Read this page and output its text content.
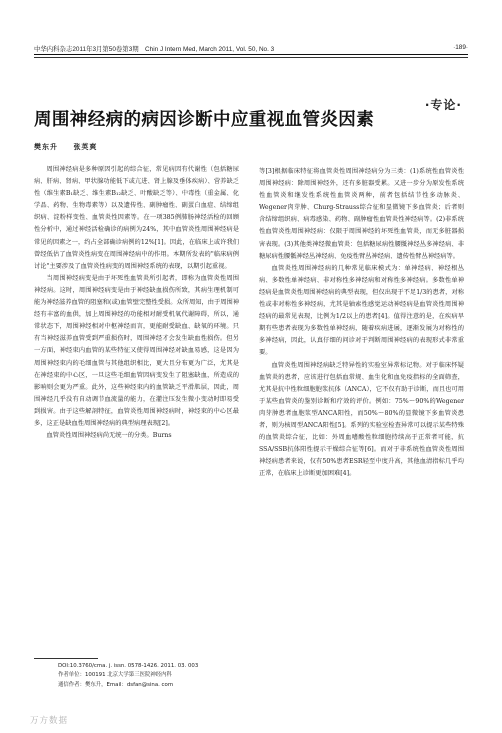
中华内科杂志2011年3月第50卷第3期　Chin J Intern Med, March 2011, Vol. 50, No. 3	·189·
·专论·
周围神经病的病因诊断中应重视血管炎因素
樊东升 张英爽

周围神经病是多种原因引起的综合征，常见病因有代谢性（包括糖尿病、肝病、肾病、甲状腺功能低下或亢进、肾上腺及垂体疾病）、营养缺乏性（维生素B₁缺乏、维生素B₁₂缺乏、叶酸缺乏等）、中毒性（重金属、化学品、药物、生物毒素等）以及遗传性、副肿瘤性、副蛋白血症、结缔组织病、淀粉样变性、血管炎性因素等。在一项385例肺肠神经活检的回顾性分析中，通过神经活检确诊的病例为24%，其中血管炎性周围神经病是常见的因素之一，约占全部确诊病例的12%[1]。因此，在临床上或许我们曾经低估了血管炎性病变在周围神经病中的作用。本期所发表的"临床病例讨论"主要涉及了血管炎性病变的周围神经系统的表现，以期引起重视。

当周围神经病变是由于坏死性血管炎所引起者，即称为血管炎性周围神经病。这时，周围神经病变是由于神经缺血损伤所致，其病生理机制可能为神经滋养血管的阻塞和(或)血管壁完整性受损。众所周知，由于周围神经有丰富的血供，加上周围神经的功能相对耐受机氧代谢障碍，所以，通常状态下，周围神经相对中枢神经而言，更能耐受缺血、缺氧的环境。只有当神经滋养血管受到严重损伤时，周围神经才会发生缺血性损伤。但另一方面，神经束内血管的某些特征又使得周围神经对缺血易感，这是因为周围神经束内的毛细血管与其他组织相比，更大且分布更为广泛，尤其是在神经束的中心区，一旦这些毛细血管因病变发生了阻塞缺血，所造成的影响则会更为严重。此外，这些神经束内的血管缺乏平滑肌层，因此，周围神经几乎没有自动调节血流量的能力，在灌注压发生微小变动时即易受到损害。由于这些解剖特征，血管炎性周围神经病时，神经束的中心区最多，这正是缺血性周围神经病的典型病理表现[2]。

血管炎性周围神经病尚无统一的分类。Burns

等[3]根据临床特征将血管炎性周围神经病分为三类：(1)系统性血管炎性周围神经病：除周围神经外，还有多脏器受累。又进一步分为原发性系统性血管炎和继发性系统性血管炎两种，前者包括结节性多动脉炎、Wegener肉芽肿、Churg-Strauss综合征和显微镜下多血管炎；后者则含结缔组织病、病毒感染、药物、副肿瘤性血管炎性神经病等。(2)非系统性血管炎性周围神经病：仅限于周围神经的坏死性血管炎，而无多脏器损害表现。(3)其他类神经微血管炎：包括糖尿病性腰骶神经丛多神经病、非糖尿病性腰骶神经丛神经病、免疫性臂丛神经病、遗传性臂丛神经病等。

血管炎性周围神经病的几种常见临床模式为：单神经病、神经根丛病、多数性单神经病、非对称性多神经病和对称性多神经病。多数性单神经病是血管炎性周围神经病的典型表现，但仅出现于不足1/3的患者，对称性或非对称性多神经病，尤其是轴索性感觉运动神经病是血管炎性周围神经病的最常见表现，比例为1/2以上的患者[4]。值得注意的是，在疾病早期有些患者表现为多数性单神经病，随着疾病进展，逐渐发展为对称性的多神经病，因此，认真仔细的问诊对于判断周围神经病的表现形式非常重要。

血管炎性周围神经病缺乏特异性的实验室异常标记物。对于临床怀疑血管炎的患者，应该进行包括血常规、血生化和血免疫指标的全面筛查，尤其是抗中性粒细胞胞浆抗体（ANCA），它不仅有助于诊断，而且也可用于某些血管炎的鉴别诊断和疗效的评价。例如：75%～90%的Wegener肉芽肿患者血胞浆型ANCA阳性，而50%～80%的显微镜下多血管炎患者，则为核周型ANCA阳性[5]。系列的实验室检查异常可以提示某些特殊的血管炎综合征，比如：外周血嗜酸性粒细胞持续高于正常者可能，抗SSA/SSB抗体阳性提示干燥综合征等[6]。而对于非系统性血管炎性周围神经病患者来说，仅有50%患者ESR轻至中度升高，其他血清指标几乎均正常，在临床上诊断更加困难[4]。

DOI:10.3760/cma. j. issn. 0578-1426. 2011. 03. 003
作者单位：100191 北京大学第三医院神经内科
通信作者：樊东升，Email：dsfan@sina. com
万方数据
